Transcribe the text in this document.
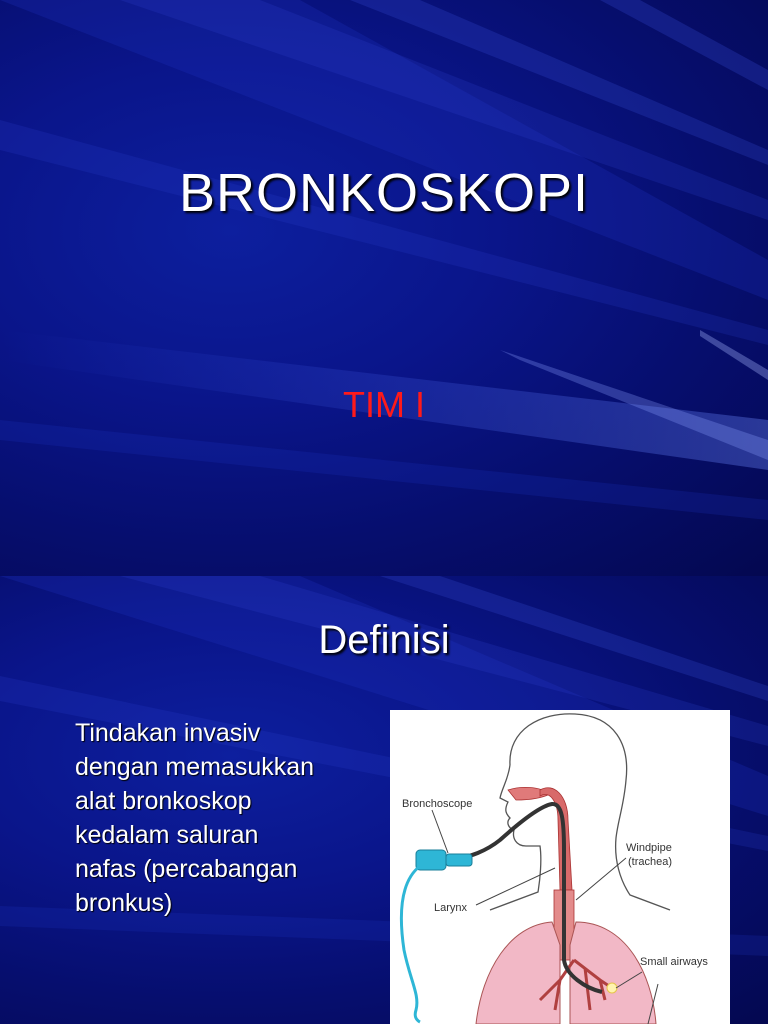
BRONKOSKOPI
TIM I
Definisi

Tindakan invasiv
dengan memasukkan
alat bronkoskop
kedalam saluran
nafas (percabangan
bronkus)

Bronchoscope
Windpipe
(trachea)
Larynx
Small airways
